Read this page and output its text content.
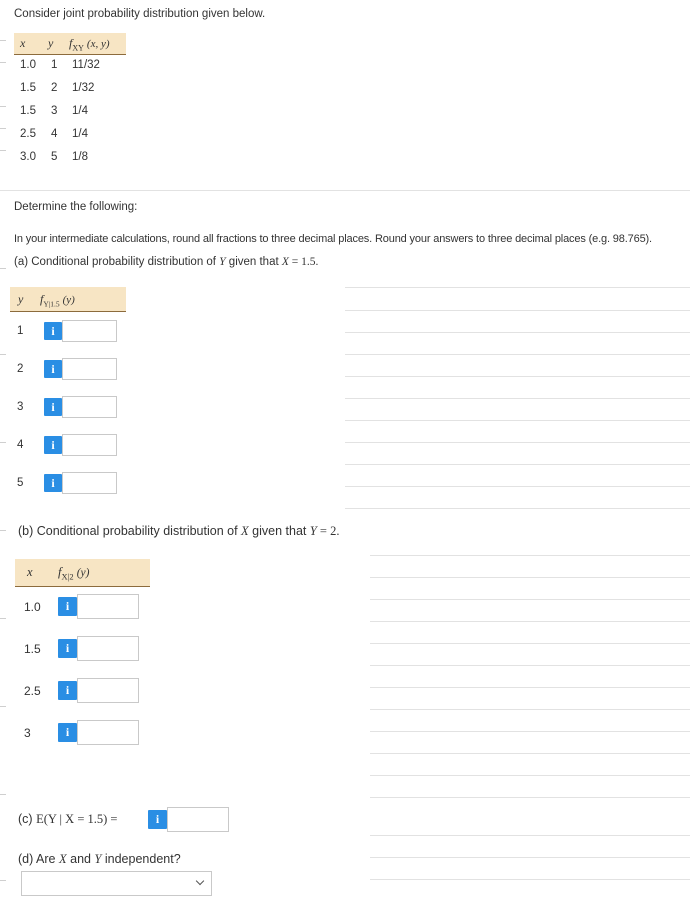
Consider joint probability distribution given below.
x y $f_{XY}$ (x, y)
1.0 1 11/32
1.5 2 1/32
1.5 3 1/4
2.5 4 1/4
3.0 5 1/8
Determine the following:
In your intermediate calculations, round all fractions to three decimal places. Round your answers to three decimal places (e.g. 98.765).
(a) Conditional probability distribution of Y given that X = 1.5.
y $f_{Y|1.5}$ (y)
1	i
2	i
3	i
4	i
5	i
(b) Conditional probability distribution of X given that Y = 2.
x $f_{X|2}$ (y)
1.0	i
1.5	i
2.5	i
3	i
(c) E(Y | X = 1.5) =	i
(d) Are X and Y independent?
